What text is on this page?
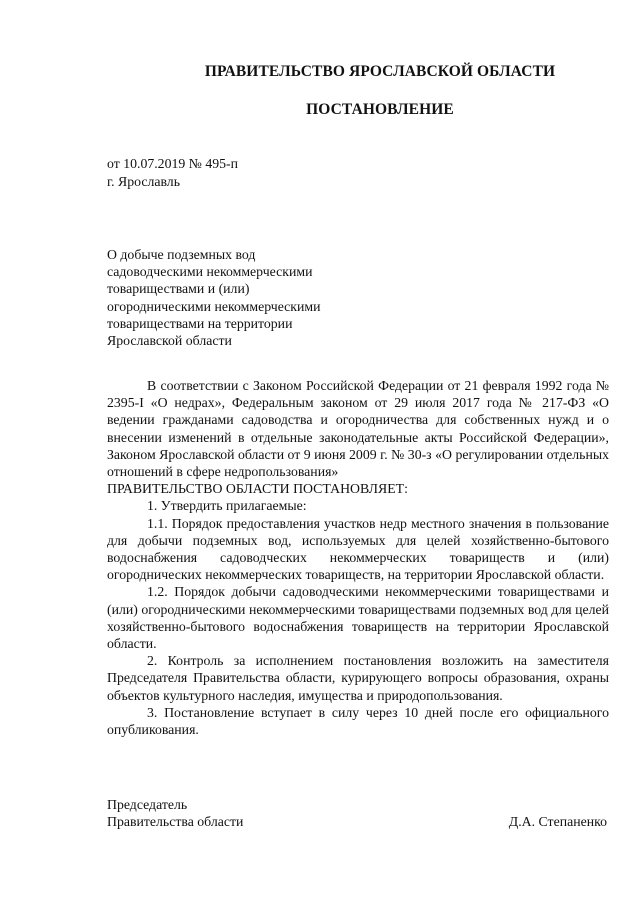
ПРАВИТЕЛЬСТВО ЯРОСЛАВСКОЙ ОБЛАСТИ
ПОСТАНОВЛЕНИЕ
от 10.07.2019 № 495-п
г. Ярославль
О добыче подземных вод
садоводческими некоммерческими
товариществами и (или)
огородническими некоммерческими
товариществами на территории
Ярославской области

В соответствии с Законом Российской Федерации от 21 февраля 1992 года № 2395-I «О недрах», Федеральным законом от 29 июля 2017 года № 217-ФЗ «О ведении гражданами садоводства и огородничества для собственных нужд и о внесении изменений в отдельные законодательные акты Российской Федерации», Законом Ярославской области от 9 июня 2009 г. № 30-з «О регулировании отдельных отношений в сфере недропользования»

ПРАВИТЕЛЬСТВО ОБЛАСТИ ПОСТАНОВЛЯЕТ:

1. Утвердить прилагаемые:

1.1. Порядок предоставления участков недр местного значения в пользование для добычи подземных вод, используемых для целей хозяйственно-бытового водоснабжения садоводческих некоммерческих товариществ и (или) огороднических некоммерческих товариществ, на территории Ярославской области.

1.2. Порядок добычи садоводческими некоммерческими товариществами и (или) огородническими некоммерческими товариществами подземных вод для целей хозяйственно-бытового водоснабжения товариществ на территории Ярославской области.

2. Контроль за исполнением постановления возложить на заместителя Председателя Правительства области, курирующего вопросы образования, охраны объектов культурного наследия, имущества и природопользования.

3. Постановление вступает в силу через 10 дней после его официального опубликования.

Председатель
Правительства области	Д.А. Степаненко
